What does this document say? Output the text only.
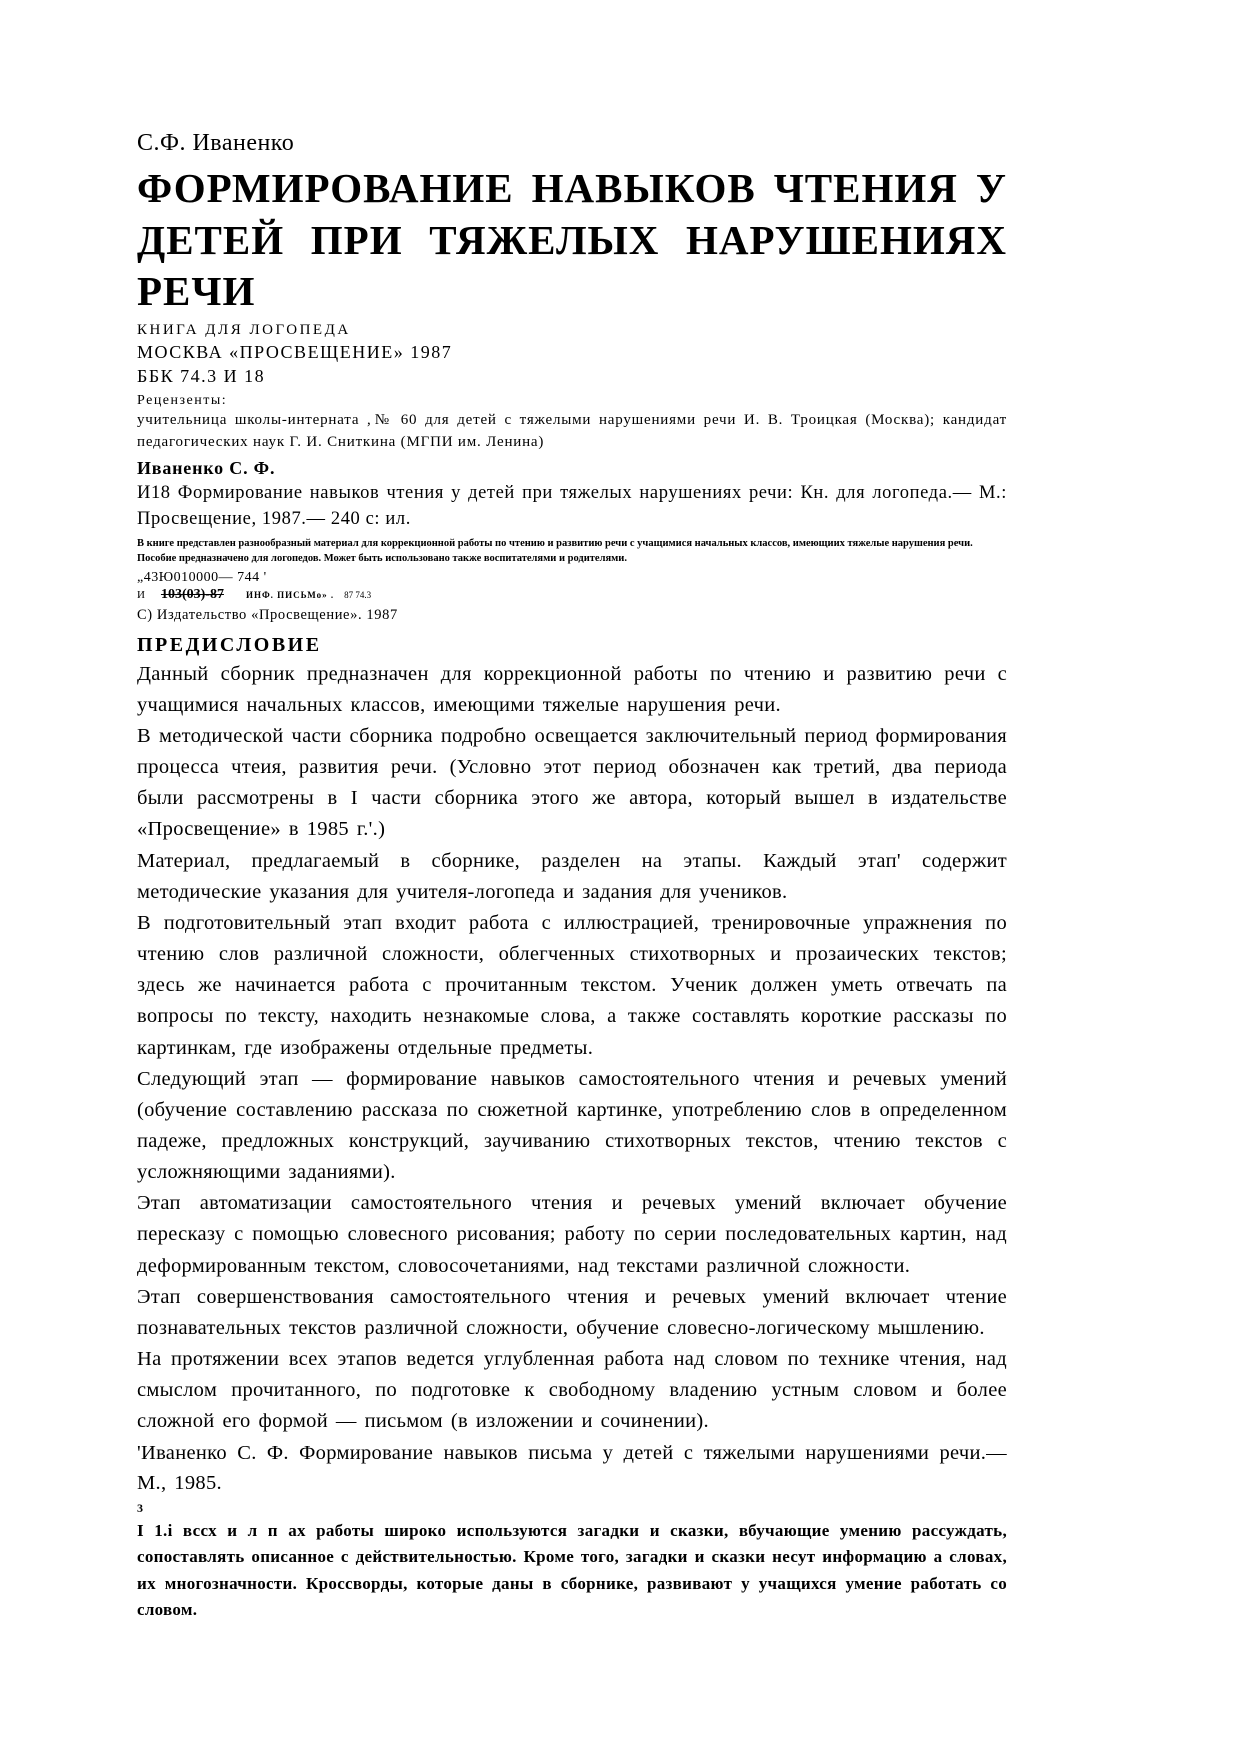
С.Ф. Иваненко
ФОРМИРОВАНИЕ НАВЫКОВ ЧТЕНИЯ У ДЕТЕЙ ПРИ ТЯЖЕЛЫХ НАРУШЕНИЯХ РЕЧИ
КНИГА ДЛЯ ЛОГОПЕДА
МОСКВА «ПРОСВЕЩЕНИЕ» 1987
ББК 74.3 И 18
Рецензенты:
учительница школы-интерната ,№ 60 для детей с тяжелыми нарушениями речи И. В. Троицкая (Москва); кандидат педагогических наук Г. И. Сниткина (МГПИ им. Ленина)
Иваненко С. Ф.
И18 Формирование навыков чтения у детей при тяжелых нарушениях речи: Кн. для логопеда.— М.: Просвещение, 1987.— 240 с: ил.
В книге представлен разнообразный материал для коррекционной работы по чтению и развитию речи с учащимися начальных классов, имеющиих тяжелые нарушения речи.
Пособие предназначено для логопедов. Может быть использовано также воспитателями и родителями.
„43Ю010000— 744 '
И 103(03)-87 ИНФ. ПИСЬМо» . 87 74.3
С) Издательство «Просвещение». 1987
ПРЕДИСЛОВИЕ

Данный сборник предназначен для коррекционной работы по чтению и развитию речи с учащимися начальных классов, имеющими тяжелые нарушения речи.

В методической части сборника подробно освещается заключительный период формирования процесса чтеия, развития речи. (Условно этот период обозначен как третий, два периода были рассмотрены в I части сборника этого же автора, который вышел в издательстве «Просвещение» в 1985 г.'.)

Материал, предлагаемый в сборнике, разделен на этапы. Каждый этап' содержит методические указания для учителя-логопеда и задания для учеников.

В подготовительный этап входит работа с иллюстрацией, тренировочные упражнения по чтению слов различной сложности, облегченных стихотворных и прозаических текстов; здесь же начинается работа с прочитанным текстом. Ученик должен уметь отвечать па вопросы по тексту, находить незнакомые слова, а также составлять короткие рассказы по картинкам, где изображены отдельные предметы.

Следующий этап — формирование навыков самостоятельного чтения и речевых умений (обучение составлению рассказа по сюжетной картинке, употреблению слов в определенном падеже, предложных конструкций, заучиванию стихотворных текстов, чтению текстов с усложняющими заданиями).

Этап автоматизации самостоятельного чтения и речевых умений включает обучение пересказу с помощью словесного рисования; работу по серии последовательных картин, над деформированным текстом, словосочетаниями, над текстами различной сложности.

Этап совершенствования самостоятельного чтения и речевых умений включает чтение познавательных текстов различной сложности, обучение словесно-логическому мышлению.

На протяжении всех этапов ведется углубленная работа над словом по технике чтения, над смыслом прочитанного, по подготовке к свободному владению устным словом и более сложной его формой — письмом (в изложении и сочинении).

'Иваненко С. Ф. Формирование навыков письма у детей с тяжелыми нарушениями речи.— М., 1985.

3

І 1.і вссх и л п ах работы широко используются загадки и сказки, вбучающие умению рассуждать, сопоставлять описанное с действительностью. Кроме того, загадки и сказки несут информацию а словах, их многозначности. Кроссворды, которые даны в сборнике, развивают у учащихся умение работать со словом.
